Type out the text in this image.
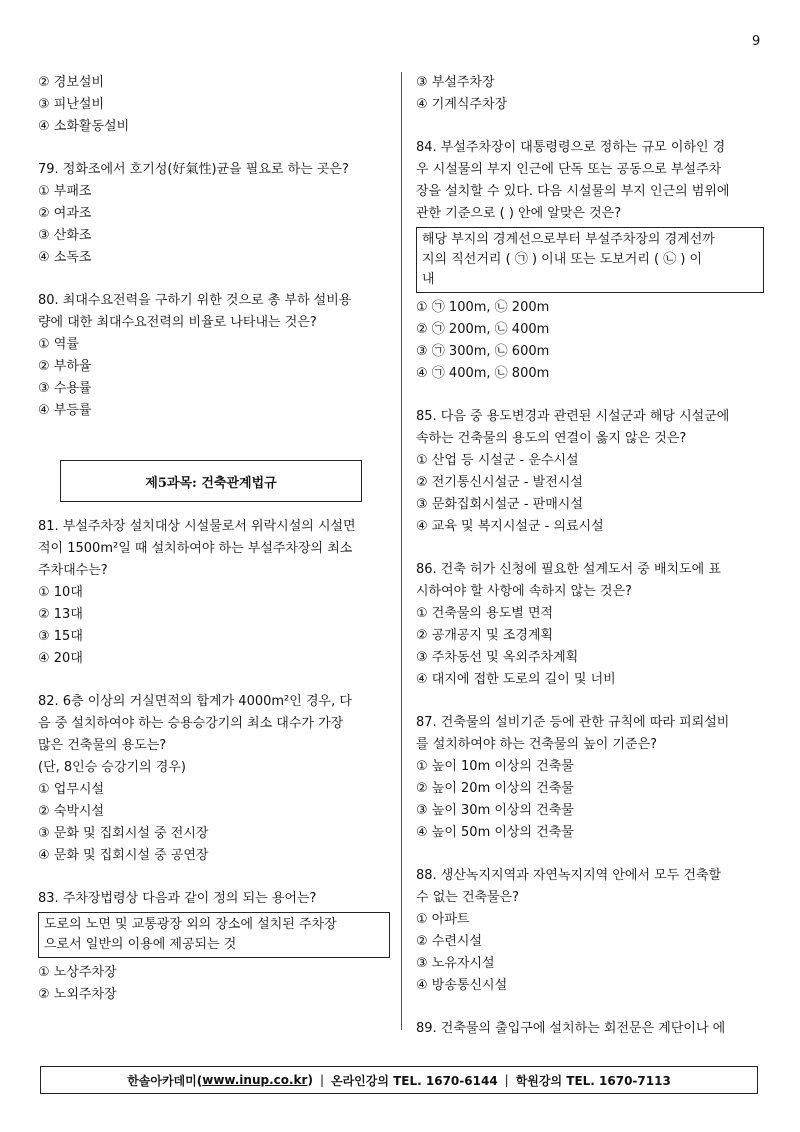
9
② 경보설비
③ 피난설비
④ 소화활동설비
79. 정화조에서 호기성(好氣性)균을 필요로 하는 곳은?
① 부패조
② 여과조
③ 산화조
④ 소독조
80. 최대수요전력을 구하기 위한 것으로 총 부하 설비용
량에 대한 최대수요전력의 비율로 나타내는 것은?
① 역률
② 부하율
③ 수용률
④ 부등률
제5과목: 건축관계법규
81. 부설주차장 설치대상 시설물로서 위락시설의 시설면
적이 1500m²일 때 설치하여야 하는 부설주차장의 최소
주차대수는?
① 10대
② 13대
③ 15대
④ 20대
82. 6층 이상의 거실면적의 합계가 4000m²인 경우, 다
음 중 설치하여야 하는 승용승강기의 최소 대수가 가장
많은 건축물의 용도는?
(단, 8인승 승강기의 경우)
① 업무시설
② 숙박시설
③ 문화 및 집회시설 중 전시장
④ 문화 및 집회시설 중 공연장
83. 주차장법령상 다음과 같이 정의 되는 용어는?
도로의 노면 및 교통광장 외의 장소에 설치된 주차장
으로서 일반의 이용에 제공되는 것
① 노상주차장
② 노외주차장
③ 부설주차장
④ 기계식주차장
84. 부설주차장이 대통령령으로 정하는 규모 이하인 경
우 시설물의 부지 인근에 단독 또는 공동으로 부설주차
장을 설치할 수 있다. 다음 시설물의 부지 인근의 범위에
관한 기준으로 ( ) 안에 알맞은 것은?
해당 부지의 경계선으로부터 부설주차장의 경계선까
지의 직선거리 ( ㉠ ) 이내 또는 도보거리 ( ㉡ ) 이
내
① ㉠ 100m, ㉡ 200m
② ㉠ 200m, ㉡ 400m
③ ㉠ 300m, ㉡ 600m
④ ㉠ 400m, ㉡ 800m
85. 다음 중 용도변경과 관련된 시설군과 해당 시설군에
속하는 건축물의 용도의 연결이 옳지 않은 것은?
① 산업 등 시설군 - 운수시설
② 전기통신시설군 - 발전시설
③ 문화집회시설군 - 판매시설
④ 교육 및 복지시설군 - 의료시설
86. 건축 허가 신청에 필요한 설계도서 중 배치도에 표
시하여야 할 사항에 속하지 않는 것은?
① 건축물의 용도별 면적
② 공개공지 및 조경계획
③ 주차동선 및 옥외주차계획
④ 대지에 접한 도로의 길이 및 너비
87. 건축물의 설비기준 등에 관한 규칙에 따라 피뢰설비
를 설치하여야 하는 건축물의 높이 기준은?
① 높이 10m 이상의 건축물
② 높이 20m 이상의 건축물
③ 높이 30m 이상의 건축물
④ 높이 50m 이상의 건축물
88. 생산녹지지역과 자연녹지지역 안에서 모두 건축할
수 없는 건축물은?
① 아파트
② 수련시설
③ 노유자시설
④ 방송통신시설
89. 건축물의 출입구에 설치하는 회전문은 계단이나 에
한솔아카데미( www.inup.co.kr ) | 온라인강의 TEL. 1670-6144 | 학원강의 TEL. 1670-7113
